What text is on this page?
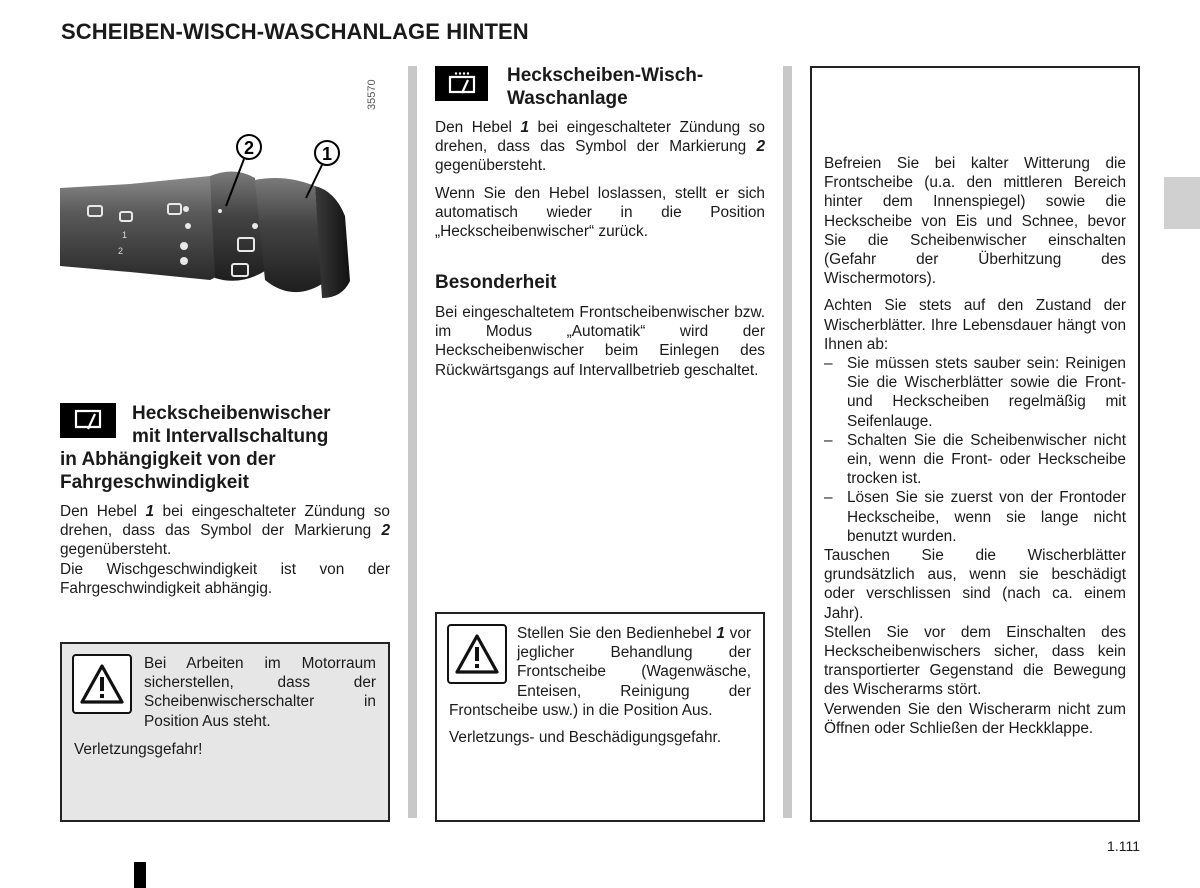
SCHEIBEN-WISCH-WASCHANLAGE HINTEN
1
2
2	1
35570
Heckscheibenwischer
mit Intervallschaltung
in Abhängigkeit von der
Fahrgeschwindigkeit

Den Hebel 1 bei eingeschalteter Zündung so drehen, dass das Symbol der Markierung 2 gegenübersteht.

Die Wischgeschwindigkeit ist von der Fahrgeschwindigkeit abhängig.

Bei Arbeiten im Motorraum sicherstellen, dass der Scheibenwischerschalter in Position Aus steht.
Verletzungsgefahr!
Heckscheiben-Wisch-
Waschanlage

Den Hebel 1 bei eingeschalteter Zündung so drehen, dass das Symbol der Markierung 2 gegenübersteht.

Wenn Sie den Hebel loslassen, stellt er sich automatisch wieder in die Position „Heckscheibenwischer“ zurück.

Besonderheit

Bei eingeschaltetem Frontscheibenwischer bzw. im Modus „Automatik“ wird der Heckscheibenwischer beim Einlegen des Rückwärtsgangs auf Intervallbetrieb geschaltet.

Stellen Sie den Bedienhebel 1 vor jeglicher Behandlung der Frontscheibe (Wagenwäsche, Enteisen, Reinigung der Frontscheibe usw.) in die Position Aus.
Verletzungs- und Beschädigungsgefahr.

Befreien Sie bei kalter Witterung die Frontscheibe (u.a. den mittleren Bereich hinter dem Innenspiegel) sowie die Heckscheibe von Eis und Schnee, bevor Sie die Scheibenwischer einschalten (Gefahr der Überhitzung des Wischermotors).

Achten Sie stets auf den Zustand der Wischerblätter. Ihre Lebensdauer hängt von Ihnen ab:

– Sie müssen stets sauber sein: Reinigen Sie die Wischerblätter sowie die Front- und Heckscheiben regelmäßig mit Seifenlauge.
– Schalten Sie die Scheibenwischer nicht ein, wenn die Front- oder Heckscheibe trocken ist.
– Lösen Sie sie zuerst von der Frontoder Heckscheibe, wenn sie lange nicht benutzt wurden.

Tauschen Sie die Wischerblätter grundsätzlich aus, wenn sie beschädigt oder verschlissen sind (nach ca. einem Jahr).

Stellen Sie vor dem Einschalten des Heckscheibenwischers sicher, dass kein transportierter Gegenstand die Bewegung des Wischerarms stört.

Verwenden Sie den Wischerarm nicht zum Öffnen oder Schließen der Heckklappe.

1.111
